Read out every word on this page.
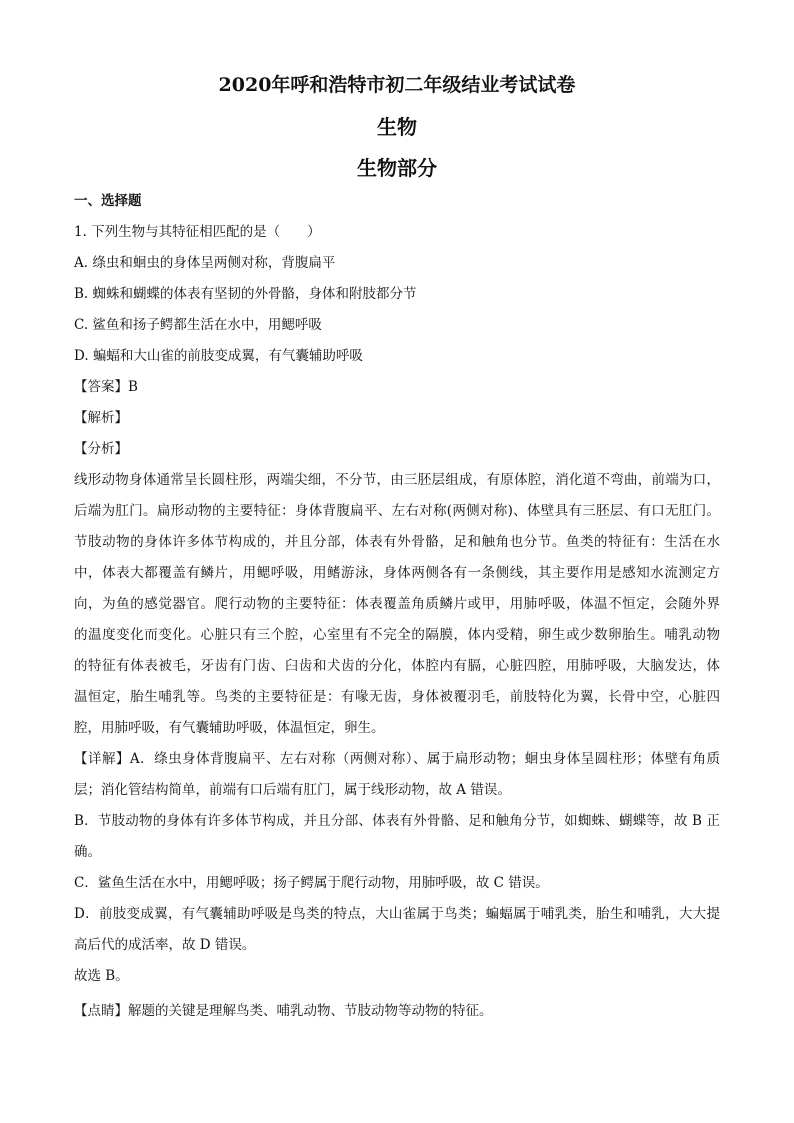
2020年呼和浩特市初二年级结业考试试卷
生物
生物部分
一、选择题
1. 下列生物与其特征相匹配的是（　　）
A. 绦虫和蛔虫的身体呈两侧对称，背腹扁平
B. 蜘蛛和蝴蝶的体表有坚韧的外骨骼，身体和附肢都分节
C. 鲨鱼和扬子鳄都生活在水中，用鳃呼吸
D. 蝙蝠和大山雀的前肢变成翼，有气囊辅助呼吸
【答案】B
【解析】
【分析】
线形动物身体通常呈长圆柱形，两端尖细，不分节，由三胚层组成，有原体腔，消化道不弯曲，前端为口，
后端为肛门。扁形动物的主要特征：身体背腹扁平、左右对称(两侧对称)、体壁具有三胚层、有口无肛门。
节肢动物的身体许多体节构成的，并且分部，体表有外骨骼，足和触角也分节。鱼类的特征有：生活在水
中，体表大都覆盖有鳞片，用鳃呼吸，用鳍游泳，身体两侧各有一条侧线，其主要作用是感知水流测定方
向，为鱼的感觉器官。爬行动物的主要特征：体表覆盖角质鳞片或甲，用肺呼吸，体温不恒定，会随外界
的温度变化而变化。心脏只有三个腔，心室里有不完全的隔膜，体内受精，卵生或少数卵胎生。哺乳动物
的特征有体表被毛，牙齿有门齿、臼齿和犬齿的分化，体腔内有膈，心脏四腔，用肺呼吸，大脑发达，体
温恒定，胎生哺乳等。鸟类的主要特征是：有喙无齿，身体被覆羽毛，前肢特化为翼，长骨中空，心脏四
腔，用肺呼吸，有气囊辅助呼吸，体温恒定，卵生。
【详解】A．绦虫身体背腹扁平、左右对称（两侧对称）、属于扁形动物；蛔虫身体呈圆柱形；体壁有角质
层；消化管结构简单，前端有口后端有肛门，属于线形动物，故 A 错误。
B．节肢动物的身体有许多体节构成，并且分部、体表有外骨骼、足和触角分节，如蜘蛛、蝴蝶等，故 B 正
确。
C．鲨鱼生活在水中，用鳃呼吸；扬子鳄属于爬行动物，用肺呼吸，故 C 错误。
D．前肢变成翼，有气囊辅助呼吸是鸟类的特点，大山雀属于鸟类；蝙蝠属于哺乳类，胎生和哺乳，大大提
高后代的成活率，故 D 错误。
故选 B。
【点睛】解题的关键是理解鸟类、哺乳动物、节肢动物等动物的特征。
